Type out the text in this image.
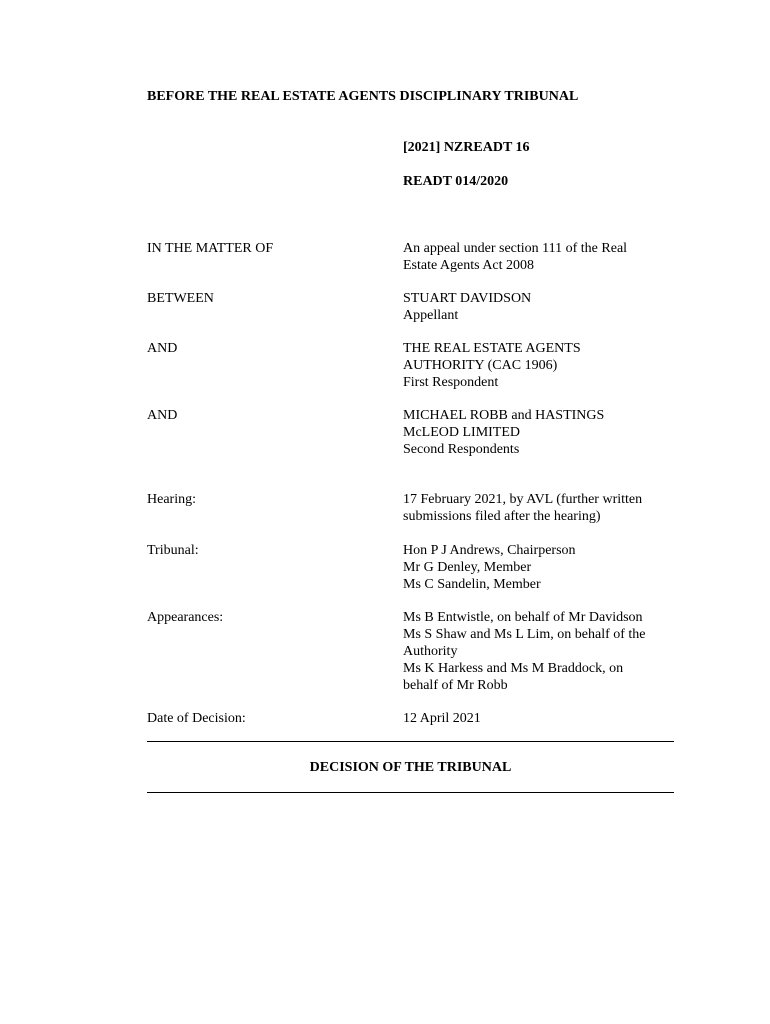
BEFORE THE REAL ESTATE AGENTS DISCIPLINARY TRIBUNAL
[2021] NZREADT 16
READT 014/2020
IN THE MATTER OF	An appeal under section 111 of the Real
Estate Agents Act 2008
BETWEEN	STUART DAVIDSON
Appellant
AND	THE REAL ESTATE AGENTS
AUTHORITY (CAC 1906)
First Respondent
AND	MICHAEL ROBB and HASTINGS
McLEOD LIMITED
Second Respondents
Hearing:	17 February 2021, by AVL (further written
submissions filed after the hearing)
Tribunal:	Hon P J Andrews, Chairperson
Mr G Denley, Member
Ms C Sandelin, Member
Appearances:	Ms B Entwistle, on behalf of Mr Davidson
Ms S Shaw and Ms L Lim, on behalf of the
Authority
Ms K Harkess and Ms M Braddock, on
behalf of Mr Robb
Date of Decision:	12 April 2021
DECISION OF THE TRIBUNAL
